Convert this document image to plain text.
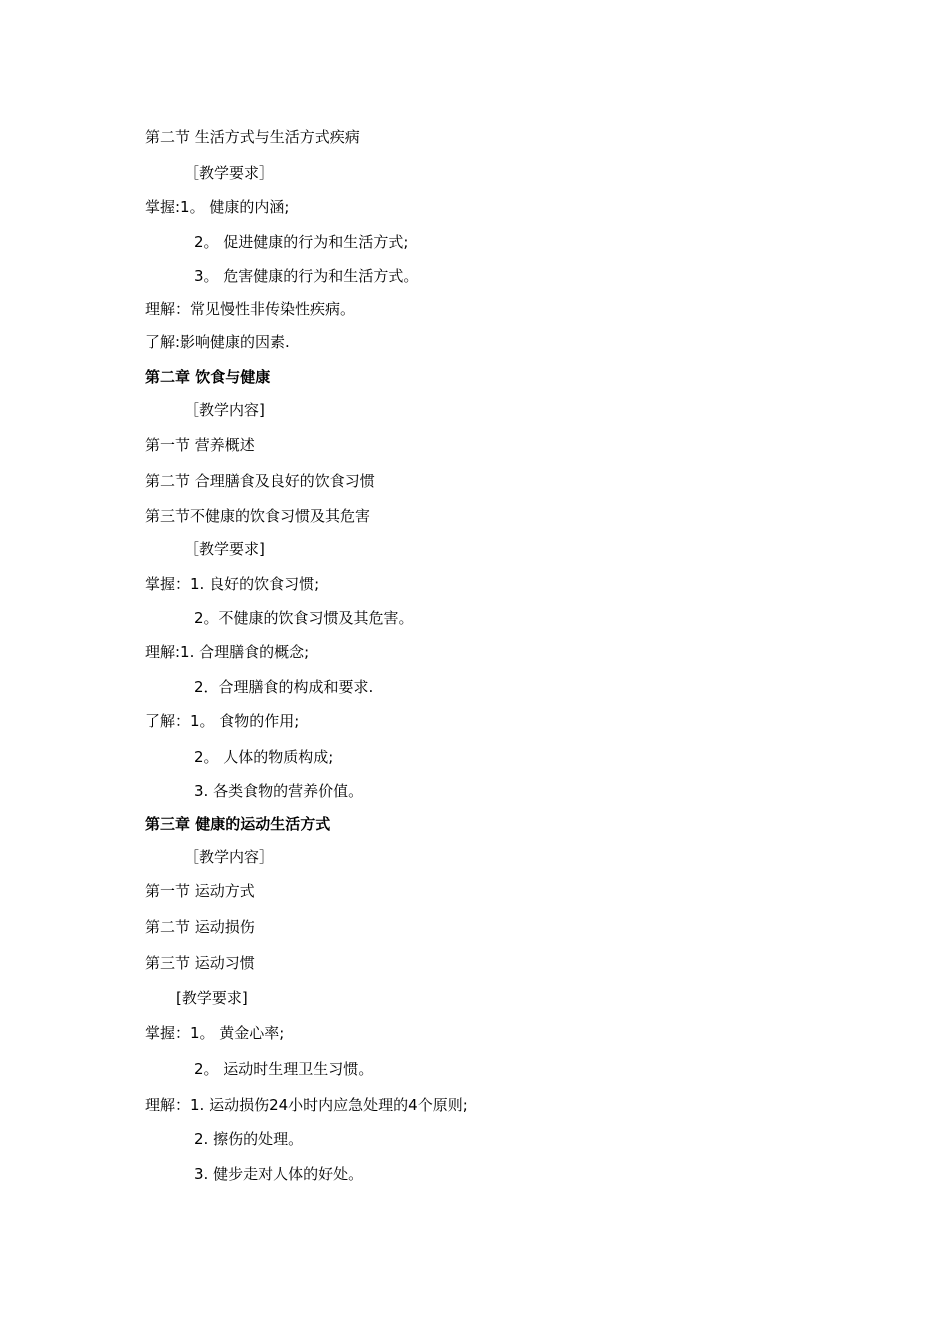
第二节 生活方式与生活方式疾病
［教学要求］
掌握:1。 健康的内涵;
2。 促进健康的行为和生活方式;
3。 危害健康的行为和生活方式。
理解：常见慢性非传染性疾病。
了解:影响健康的因素.
第二章 饮食与健康
［教学内容]
第一节 营养概述
第二节 合理膳食及良好的饮食习惯
第三节不健康的饮食习惯及其危害
［教学要求]
掌握：1. 良好的饮食习惯;
2。不健康的饮食习惯及其危害。
理解:1. 合理膳食的概念;
2．合理膳食的构成和要求.
了解：1。 食物的作用;
2。 人体的物质构成;
3. 各类食物的营养价值。
第三章 健康的运动生活方式
［教学内容］
第一节 运动方式
第二节 运动损伤
第三节 运动习惯
[教学要求]
掌握：1。 黄金心率;
2。 运动时生理卫生习惯。
理解：1. 运动损伤24小时内应急处理的4个原则;
2. 擦伤的处理。
3. 健步走对人体的好处。
